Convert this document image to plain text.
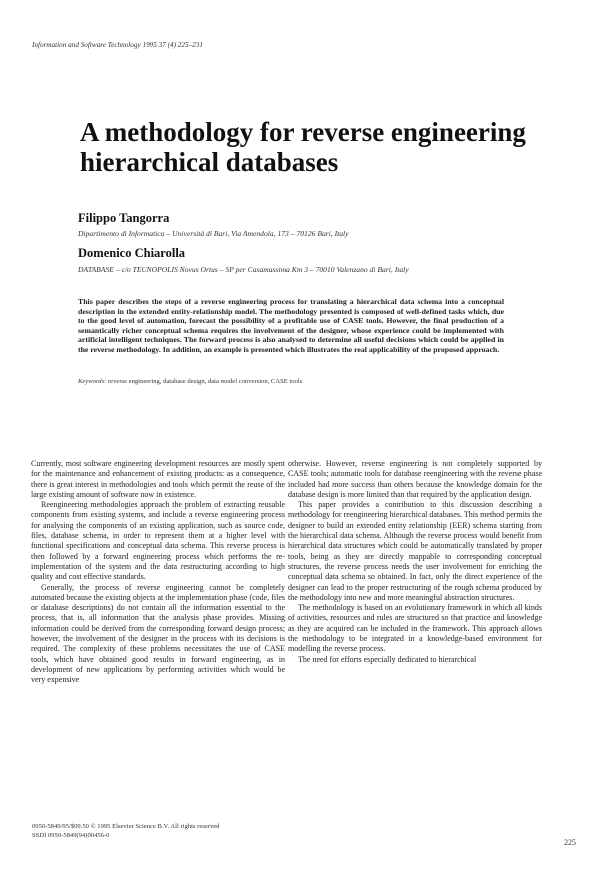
Information and Software Technology 1995 37 (4) 225–231
A methodology for reverse engineering hierarchical databases
Filippo Tangorra
Dipartimento di Informatica – Università di Bari, Via Amendola, 173 – 70126 Bari, Italy
Domenico Chiarolla
DATABASE – c/o TECNOPOLIS Novus Ortus – SP per Casamassima Km 3 – 70010 Valenzano di Bari, Italy
This paper describes the steps of a reverse engineering process for translating a hierarchical data schema into a conceptual description in the extended entity-relationship model. The methodology presented is composed of well-defined tasks which, due to the good level of automation, forecast the possibility of a profitable use of CASE tools. However, the final production of a semantically richer conceptual schema requires the involvement of the designer, whose experience could be implemented with artificial intelligent techniques. The forward process is also analysed to determine all useful decisions which could be applied in the reverse methodology. In addition, an example is presented which illustrates the real applicability of the proposed approach.
Keywords: reverse engineering, database design, data model conversion, CASE tools

Currently, most software engineering development resources are mostly spent for the maintenance and enhancement of existing products: as a consequence, there is great interest in methodologies and tools which permit the reuse of the large existing amount of software now in existence.

Reengineering methodologies approach the problem of extracting reusable components from existing systems, and include a reverse engineering process for analysing the components of an existing application, such as source code, files, database schema, in order to represent them at a higher level with functional specifications and conceptual data schema. This reverse process is then followed by a forward engineering process which performs the re-implementation of the system and the data restructuring according to high quality and cost effective standards.

Generally, the process of reverse engineering cannot be completely automated because the existing objects at the implementation phase (code, files or database descriptions) do not contain all the information essential to the process, that is, all information that the analysis phase provides. Missing information could be derived from the corresponding forward design process; however, the involvement of the designer in the process with its decisions is required. The complexity of these problems necessitates the use of CASE tools, which have obtained good results in forward engineering, as in development of new applications by performing activities which would be very expensive

otherwise. However, reverse engineering is not completely supported by CASE tools; automatic tools for database reengineering with the reverse phase included had more success than others because the knowledge domain for the database design is more limited than that required by the application design.

This paper provides a contribution to this discussion describing a methodology for reengineering hierarchical databases. This method permits the designer to build an extended entity relationship (EER) schema starting from the hierarchical data schema. Although the reverse process would benefit from hierarchical data structures which could be automatically translated by proper tools, being as they are directly mappable to corresponding conceptual structures, the reverse process needs the user involvement for enriching the conceptual data schema so obtained. In fact, only the direct experience of the designer can lead to the proper restructuring of the rough schema produced by the methodology into new and more meaningful abstraction structures.

The methodology is based on an evolutionary framework in which all kinds of activities, resources and rules are structured so that practice and knowledge as they are acquired can be included in the framework. This approach allows the methodology to be integrated in a knowledge-based environment for modelling the reverse process.

The need for efforts especially dedicated to hierarchical

0950-5849/95/$09.50 © 1995 Elsevier Science B.V. All rights reserved
SSDI 0950-5849(94)00456-0
225
